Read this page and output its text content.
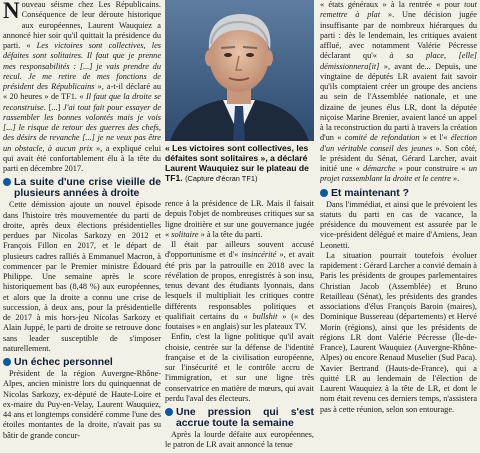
Nouveau séisme chez Les Républicains. Conséquence de leur déroute historique aux européennes, Laurent Wauquiez a annoncé hier soir qu'il quittait la présidence du parti. « Les victoires sont collectives, les défaites sont solitaires. Il faut que je prenne mes responsabilités : [...] je vais prendre du recul. Je me retire de mes fonctions de président des Républicains », a-t-il déclaré au « 20 heures » de TF1. « Il faut que la droite se reconstruise. [...] J'ai tout fait pour essayer de rassembler les bonnes volontés mais je vois [...] le risque de retour des guerres des chefs, des désirs de revanche [...] je ne veux pas être un obstacle, à aucun prix », a expliqué celui qui avait été confortablement élu à la tête du parti en décembre 2017.

La suite d'une crise vieille de plusieurs années à droite

Cette démission ajoute un nouvel épisode dans l'histoire très mouvementée du parti de droite, après deux élections présidentielles perdues par Nicolas Sarkozy en 2012 et François Fillon en 2017, et le départ de plusieurs cadres ralliés à Emmanuel Macron, à commencer par le Premier ministre Édouard Philippe. Une semaine après le score historiquement bas (8,48 %) aux européennes, et alors que la droite a connu une crise de succession, à deux ans, pour la présidentielle de 2017 à mis hors-jeu Nicolas Sarkozy et Alain Juppé, le parti de droite se retrouve donc sans leader susceptible de s'imposer naturellement.

Un échec personnel

Président de la région Auvergne-Rhône-Alpes, ancien ministre lors du quinquennat de Nicolas Sarkozy, ex-député de Haute-Loire et ex-maire du Puy-en-Velay, Laurent Wauquiez, 44 ans et longtemps considéré comme l'une des étoiles montantes de la droite, n'avait pas su bâtir de grande concur-

« Les victoires sont collectives, les défaites sont solitaires », a déclaré Laurent Wauquiez sur le plateau de TF1. (Capture d'écran TF1)

rence à la présidence de LR. Mais il faisait depuis l'objet de nombreuses critiques sur sa ligne droitière et sur une gouvernance jugée « solitaire » à la tête du parti.

Il était par ailleurs souvent accusé d'opportunisme et d'« insincérité », et avait été pris par la patrouille en 2018 avec la révélation de propos, enregistrés à son insu, tenus devant des étudiants lyonnais, dans lesquels il multipliait les critiques contre différents responsables politiques et qualifiait certains du « bullshit » (« des foutaises » en anglais) sur les plateaux TV.

Enfin, c'est la ligne politique qu'il avait choisie, centrée sur la défense de l'identité française et de la civilisation européenne, sur l'insécurité et le contrôle accru de l'immigration, et sur une ligne très conservatrice en matière de mœurs, qui avait perdu l'aval des électeurs.

Une pression qui s'est accrue toute la semaine

Après la lourde défaite aux européennes, le patron de LR avait annoncé la tenue

« états généraux » à la rentrée « pour tout remettre à plat ». Une décision jugée insuffisante par de nombreux hiérarques du parti : dès le lendemain, les critiques avaient afflué, avec notamment Valérie Pécresse déclarant qu'« à sa place, [elle] démissionnera[it] », avant de... Depuis, une vingtaine de députés LR avaient fait savoir qu'ils comptaient créer un groupe des anciens au sein de l'Assemblée nationale, et une dizaine de jeunes élus LR, dont la députée niçoise Marine Brenier, avaient lancé un appel à la reconstruction du parti à travers la création d'un « comité de refondation » et l'« élection d'un véritable conseil des jeunes ». Son côté, le président du Sénat, Gérard Larcher, avait initié une « démarche » pour construire « un projet rassemblant la droite et le centre ».

Et maintenant ?

Dans l'immédiat, et ainsi que le prévoient les statuts du parti en cas de vacance, la présidence du mouvement est assurée par le vice-président délégué et maire d'Amiens, Jean Leonetti.

La situation pourrait toutefois évoluer rapidement : Gérard Larcher a convié demain à Paris les présidents de groupes parlementaires Christian Jacob (Assemblée) et Bruno Retailleau (Sénat), les présidents des grandes associations d'élus François Baroin (maires), Dominique Bussereau (départements) et Hervé Morin (régions), ainsi que les présidents de régions LR dont Valérie Pécresse (Île-de-France), Laurent Wauquiez (Auvergne-Rhône-Alpes) ou encore Renaud Muselier (Sud Paca). Xavier Bertrand (Hauts-de-France), qui a quitté LR au lendemain de l'élection de Laurent Wauquiez à la tête de LR, et dont le nom était revenu ces derniers temps, n'assistera pas à cette réunion, selon son entourage.
